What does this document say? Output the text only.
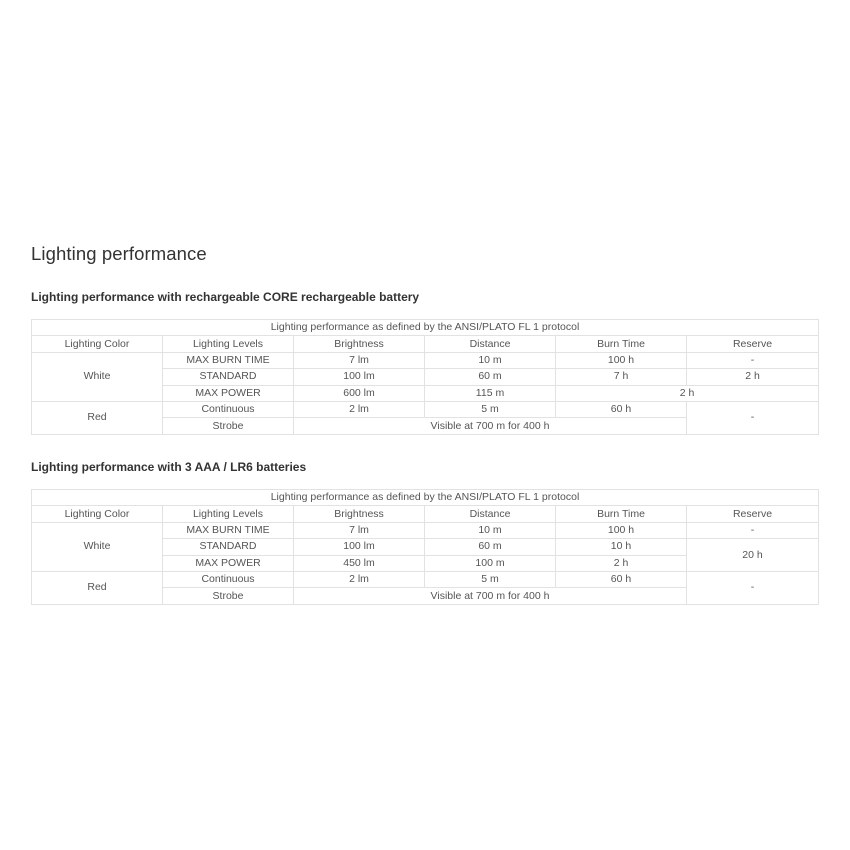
Lighting performance
Lighting performance with rechargeable CORE rechargeable battery
Lighting performance as defined by the ANSI/PLATO FL 1 protocol					
Lighting Color	Lighting Levels	Brightness	Distance	Burn Time	Reserve
White	MAX BURN TIME	7 lm	10 m	100 h	-
	STANDARD	100 lm	60 m	7 h	2 h
	MAX POWER	600 lm	115 m	2 h	
Red	Continuous	2 lm	5 m	60 h	-
	Strobe	Visible at 700 m for 400 h			
Lighting performance with 3 AAA / LR6 batteries
Lighting performance as defined by the ANSI/PLATO FL 1 protocol					
Lighting Color	Lighting Levels	Brightness	Distance	Burn Time	Reserve
White	MAX BURN TIME	7 lm	10 m	100 h	-
	STANDARD	100 lm	60 m	10 h	20 h
	MAX POWER	450 lm	100 m	2 h	
Red	Continuous	2 lm	5 m	60 h	-
	Strobe	Visible at 700 m for 400 h			
